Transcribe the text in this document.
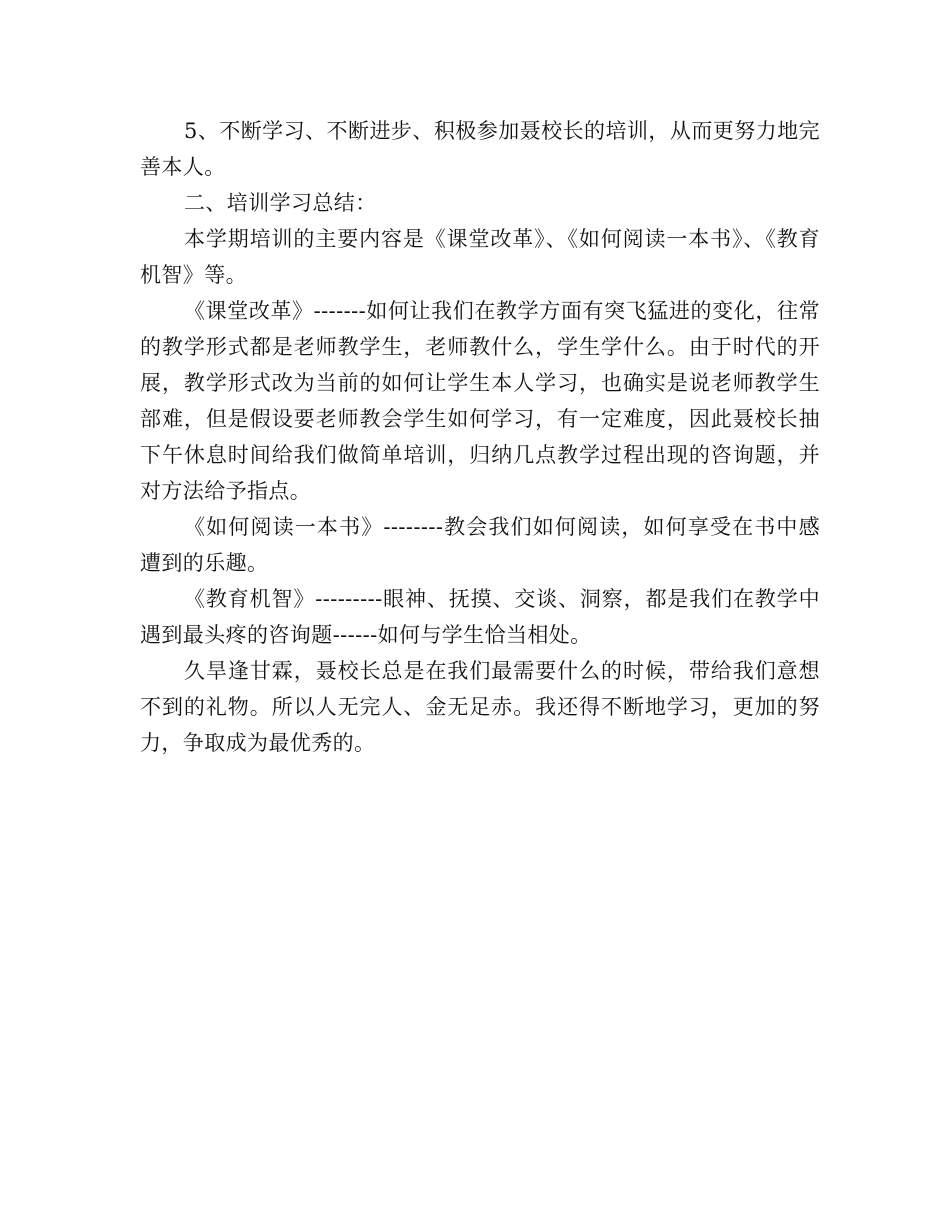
5、不断学习、不断进步、积极参加聂校长的培训，从而更努力地完善本人。

二、培训学习总结：

本学期培训的主要内容是《课堂改革》、《如何阅读一本书》、《教育机智》等。

《课堂改革》-------如何让我们在教学方面有突飞猛进的变化，往常的教学形式都是老师教学生，老师教什么，学生学什么。由于时代的开展，教学形式改为当前的如何让学生本人学习，也确实是说老师教学生部难，但是假设要老师教会学生如何学习，有一定难度，因此聂校长抽下午休息时间给我们做简单培训，归纳几点教学过程出现的咨询题，并对方法给予指点。

《如何阅读一本书》--------教会我们如何阅读，如何享受在书中感遭到的乐趣。

《教育机智》---------眼神、抚摸、交谈、洞察，都是我们在教学中遇到最头疼的咨询题------如何与学生恰当相处。

久旱逢甘霖，聂校长总是在我们最需要什么的时候，带给我们意想不到的礼物。所以人无完人、金无足赤。我还得不断地学习，更加的努力，争取成为最优秀的。
